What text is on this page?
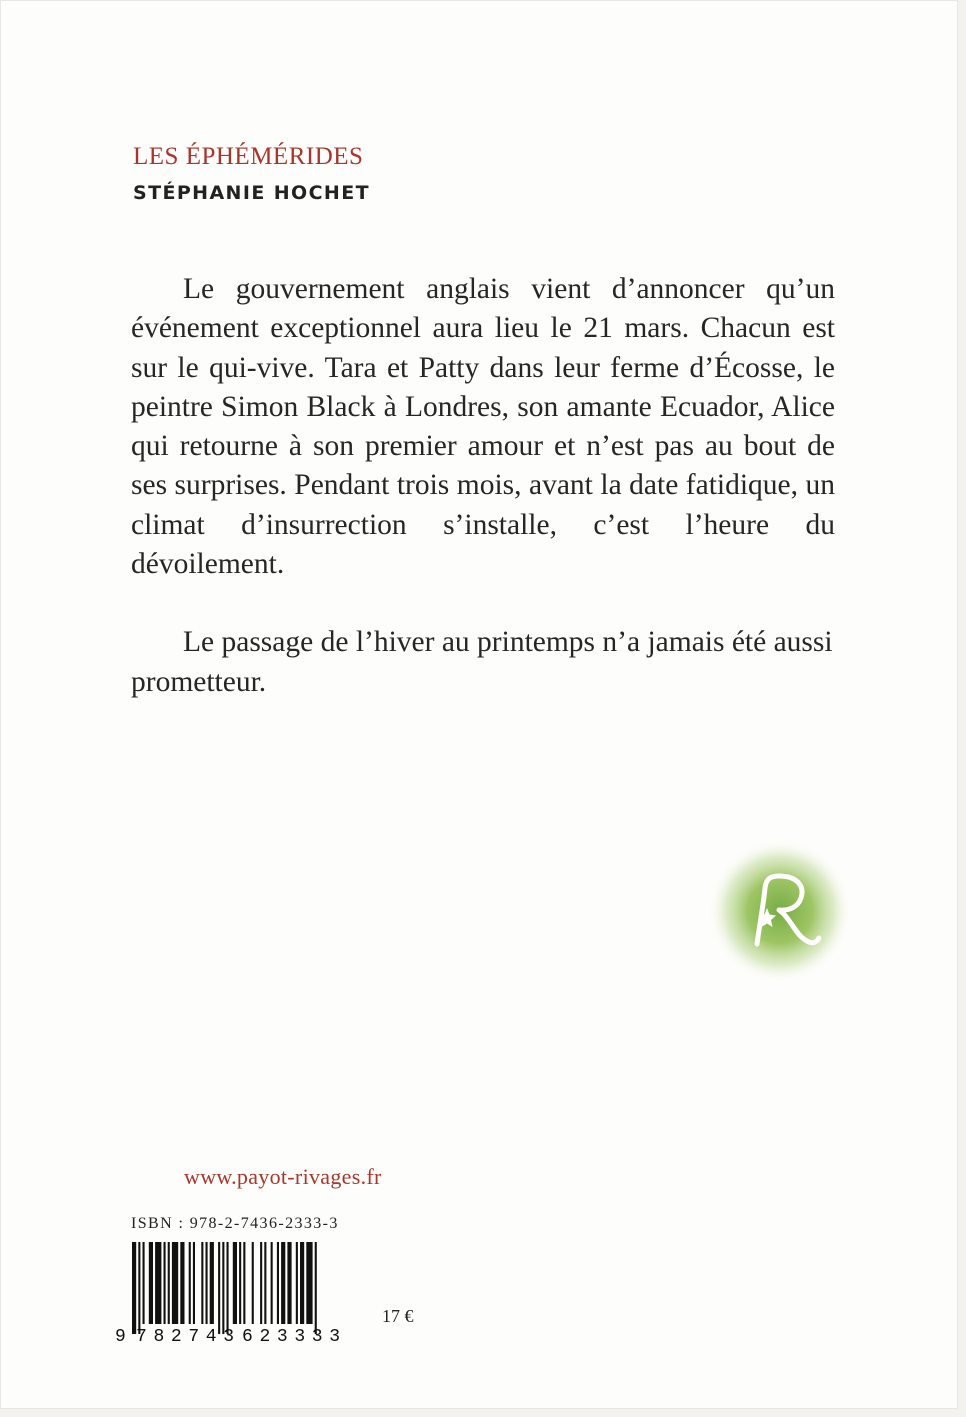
LES ÉPHÉMÉRIDES
STÉPHANIE HOCHET

Le gouvernement anglais vient d’annoncer qu’un événement exceptionnel aura lieu le 21 mars. Chacun est sur le qui-vive. Tara et Patty dans leur ferme d’Écosse, le peintre Simon Black à Londres, son amante Ecuador, Alice qui retourne à son premier amour et n’est pas au bout de ses surprises. Pendant trois mois, avant la date fatidique, un climat d’insurrection s’installe, c’est l’heure du dévoilement.

Le passage de l’hiver au printemps n’a jamais été aussi prometteur.

www.payot-rivages.fr
ISBN : 978-2-7436-2333-3
9 782743 623333
17 €
